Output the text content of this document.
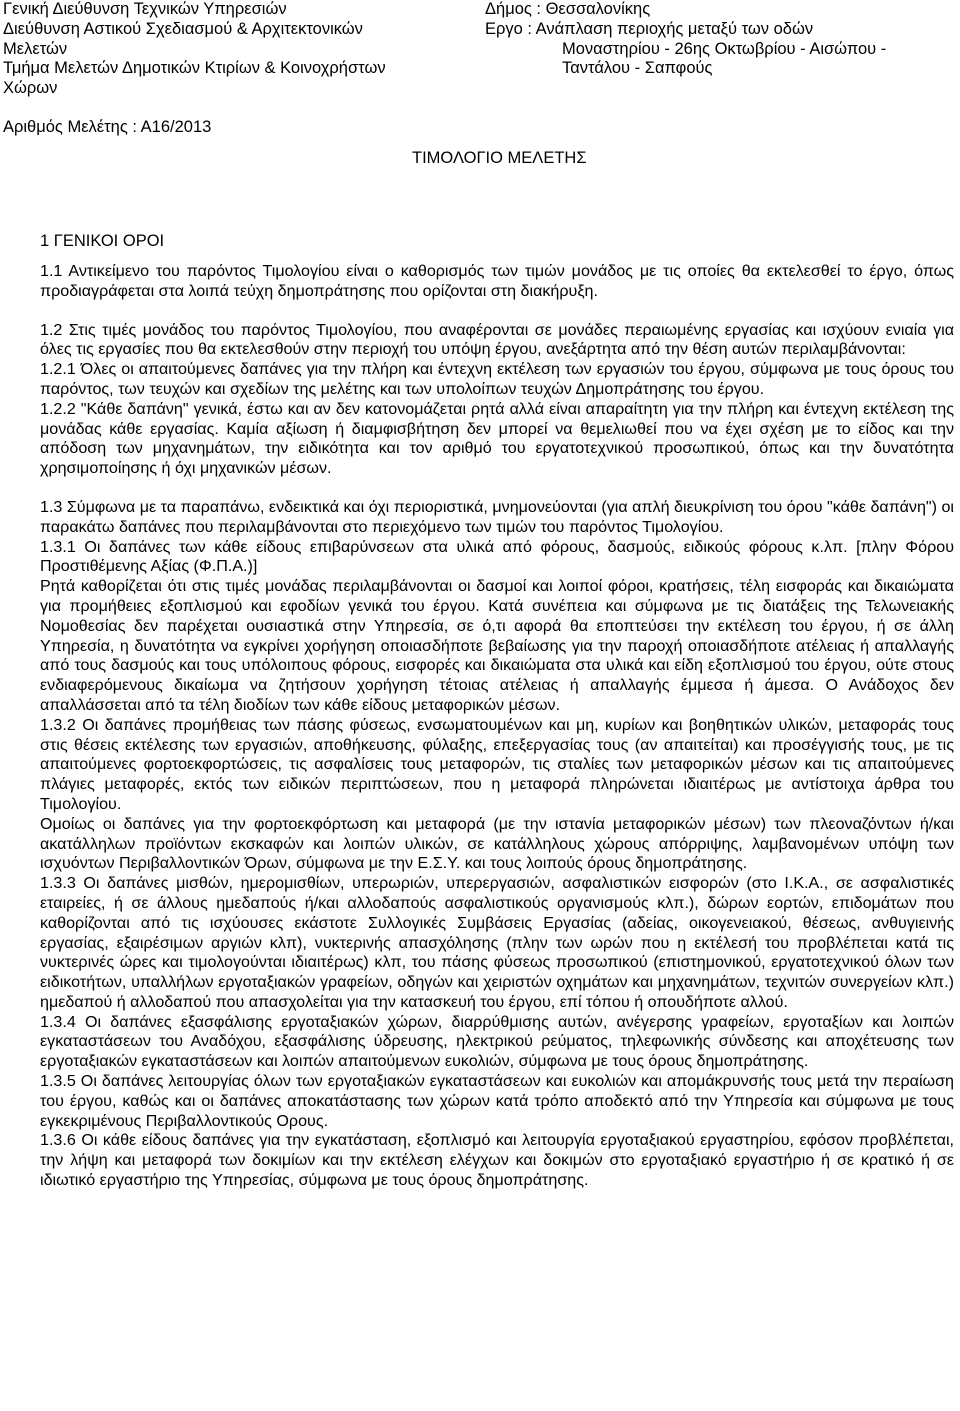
Γενική Διεύθυνση Τεχνικών Υπηρεσιών
Διεύθυνση Αστικού Σχεδιασμού & Αρχιτεκτονικών
Μελετών
Τμήμα Μελετών Δημοτικών Κτιρίων & Κοινοχρήστων
Χώρων
Δήμος : Θεσσαλονίκης
Εργο : Ανάπλαση περιοχής μεταξύ των οδών
Μοναστηρίου - 26ης Οκτωβρίου - Αισώπου -
Ταντάλου - Σαπφούς
Αριθμός Μελέτης : Α16/2013
ΤΙΜΟΛΟΓΙΟ ΜΕΛΕΤΗΣ
1 ΓΕΝΙΚΟΙ ΟΡΟΙ

1.1 Αντικείμενο του παρόντος Τιμολογίου είναι ο καθορισμός των τιμών μονάδος με τις οποίες θα εκτελεσθεί το έργο, όπως προδιαγράφεται στα λοιπά τεύχη δημοπράτησης που ορίζονται στη διακήρυξη.

1.2 Στις τιμές μονάδος του παρόντος Τιμολογίου, που αναφέρονται σε μονάδες περαιωμένης εργασίας και ισχύουν ενιαία για όλες τις εργασίες που θα εκτελεσθούν στην περιοχή του υπόψη έργου, ανεξάρτητα από την θέση αυτών περιλαμβάνονται:

1.2.1 Όλες οι απαιτούμενες δαπάνες για την πλήρη και έντεχνη εκτέλεση των εργασιών του έργου, σύμφωνα με τους όρους του παρόντος, των τευχών και σχεδίων της μελέτης και των υπολοίπων τευχών Δημοπράτησης του έργου.

1.2.2 "Κάθε δαπάνη" γενικά, έστω και αν δεν κατονομάζεται ρητά αλλά είναι απαραίτητη για την πλήρη και έντεχνη εκτέλεση της μονάδας κάθε εργασίας. Καμία αξίωση ή διαμφισβήτηση δεν μπορεί να θεμελιωθεί που να έχει σχέση με το είδος και την απόδοση των μηχανημάτων, την ειδικότητα και τον αριθμό του εργατοτεχνικού προσωπικού, όπως και την δυνατότητα χρησιμοποίησης ή όχι μηχανικών μέσων.

1.3 Σύμφωνα με τα παραπάνω, ενδεικτικά και όχι περιοριστικά, μνημονεύονται (για απλή διευκρίνιση του όρου "κάθε δαπάνη") οι παρακάτω δαπάνες που περιλαμβάνονται στο περιεχόμενο των τιμών του παρόντος Τιμολογίου.

1.3.1 Οι δαπάνες των κάθε είδους επιβαρύνσεων στα υλικά από φόρους, δασμούς, ειδικούς φόρους κ.λπ. [πλην Φόρου Προστιθέμενης Αξίας (Φ.Π.Α.)]

Ρητά καθορίζεται ότι στις τιμές μονάδας περιλαμβάνονται οι δασμοί και λοιποί φόροι, κρατήσεις, τέλη εισφοράς και δικαιώματα για προμήθειες εξοπλισμού και εφοδίων γενικά του έργου. Κατά συνέπεια και σύμφωνα με τις διατάξεις της Τελωνειακής Νομοθεσίας δεν παρέχεται ουσιαστικά στην Υπηρεσία, σε ό,τι αφορά θα εποπτεύσει την εκτέλεση του έργου, ή σε άλλη Υπηρεσία, η δυνατότητα να εγκρίνει χορήγηση οποιασδήποτε βεβαίωσης για την παροχή οποιασδήποτε ατέλειας ή απαλλαγής από τους δασμούς και τους υπόλοιπους φόρους, εισφορές και δικαιώματα στα υλικά και είδη εξοπλισμού του έργου, ούτε στους ενδιαφερόμενους δικαίωμα να ζητήσουν χορήγηση τέτοιας ατέλειας ή απαλλαγής έμμεσα ή άμεσα. Ο Ανάδοχος δεν απαλλάσσεται από τα τέλη διοδίων των κάθε είδους μεταφορικών μέσων.

1.3.2 Οι δαπάνες προμήθειας των πάσης φύσεως, ενσωματουμένων και μη, κυρίων και βοηθητικών υλικών, μεταφοράς τους στις θέσεις εκτέλεσης των εργασιών, αποθήκευσης, φύλαξης, επεξεργασίας τους (αν απαιτείται) και προσέγγισής τους, με τις απαιτούμενες φορτοεκφορτώσεις, τις ασφαλίσεις τους μεταφορών, τις σταλίες των μεταφορικών μέσων και τις απαιτούμενες πλάγιες μεταφορές, εκτός των ειδικών περιπτώσεων, που η μεταφορά πληρώνεται ιδιαιτέρως με αντίστοιχα άρθρα του Τιμολογίου.

Ομοίως οι δαπάνες για την φορτοεκφόρτωση και μεταφορά (με την ιστανία μεταφορικών μέσων) των πλεοναζόντων ή/και ακατάλληλων προϊόντων εκσκαφών και λοιπών υλικών, σε κατάλληλους χώρους απόρριψης, λαμβανομένων υπόψη των ισχυόντων Περιβαλλοντικών Όρων, σύμφωνα με την Ε.Σ.Υ. και τους λοιπούς όρους δημοπράτησης.

1.3.3 Οι δαπάνες μισθών, ημερομισθίων, υπερωριών, υπερεργασιών, ασφαλιστικών εισφορών (στο Ι.Κ.Α., σε ασφαλιστικές εταιρείες, ή σε άλλους ημεδαπούς ή/και αλλοδαπούς ασφαλιστικούς οργανισμούς κλπ.), δώρων εορτών, επιδομάτων που καθορίζονται από τις ισχύουσες εκάστοτε Συλλογικές Συμβάσεις Εργασίας (αδείας, οικογενειακού, θέσεως, ανθυγιεινής εργασίας, εξαιρέσιμων αργιών κλπ), νυκτερινής απασχόλησης (πλην των ωρών που η εκτέλεσή του προβλέπεται κατά τις νυκτερινές ώρες και τιμολογούνται ιδιαιτέρως) κλπ, του πάσης φύσεως προσωπικού (επιστημονικού, εργατοτεχνικού όλων των ειδικοτήτων, υπαλλήλων εργοταξιακών γραφείων, οδηγών και χειριστών οχημάτων και μηχανημάτων, τεχνιτών συνεργείων κλπ.) ημεδαπού ή αλλοδαπού που απασχολείται για την κατασκευή του έργου, επί τόπου ή οπουδήποτε αλλού.

1.3.4 Οι δαπάνες εξασφάλισης εργοταξιακών χώρων, διαρρύθμισης αυτών, ανέγερσης γραφείων, εργοταξίων και λοιπών εγκαταστάσεων του Αναδόχου, εξασφάλισης ύδρευσης, ηλεκτρικού ρεύματος, τηλεφωνικής σύνδεσης και αποχέτευσης των εργοταξιακών εγκαταστάσεων και λοιπών απαιτούμενων ευκολιών, σύμφωνα με τους όρους δημοπράτησης.

1.3.5 Οι δαπάνες λειτουργίας όλων των εργοταξιακών εγκαταστάσεων και ευκολιών και απομάκρυνσής τους μετά την περαίωση του έργου, καθώς και οι δαπάνες αποκατάστασης των χώρων κατά τρόπο αποδεκτό από την Υπηρεσία και σύμφωνα με τους εγκεκριμένους Περιβαλλοντικούς Ορους.

1.3.6 Οι κάθε είδους δαπάνες για την εγκατάσταση, εξοπλισμό και λειτουργία εργοταξιακού εργαστηρίου, εφόσον προβλέπεται, την λήψη και μεταφορά των δοκιμίων και την εκτέλεση ελέγχων και δοκιμών στο εργοταξιακό εργαστήριο ή σε κρατικό ή σε ιδιωτικό εργαστήριο της Υπηρεσίας, σύμφωνα με τους όρους δημοπράτησης.
